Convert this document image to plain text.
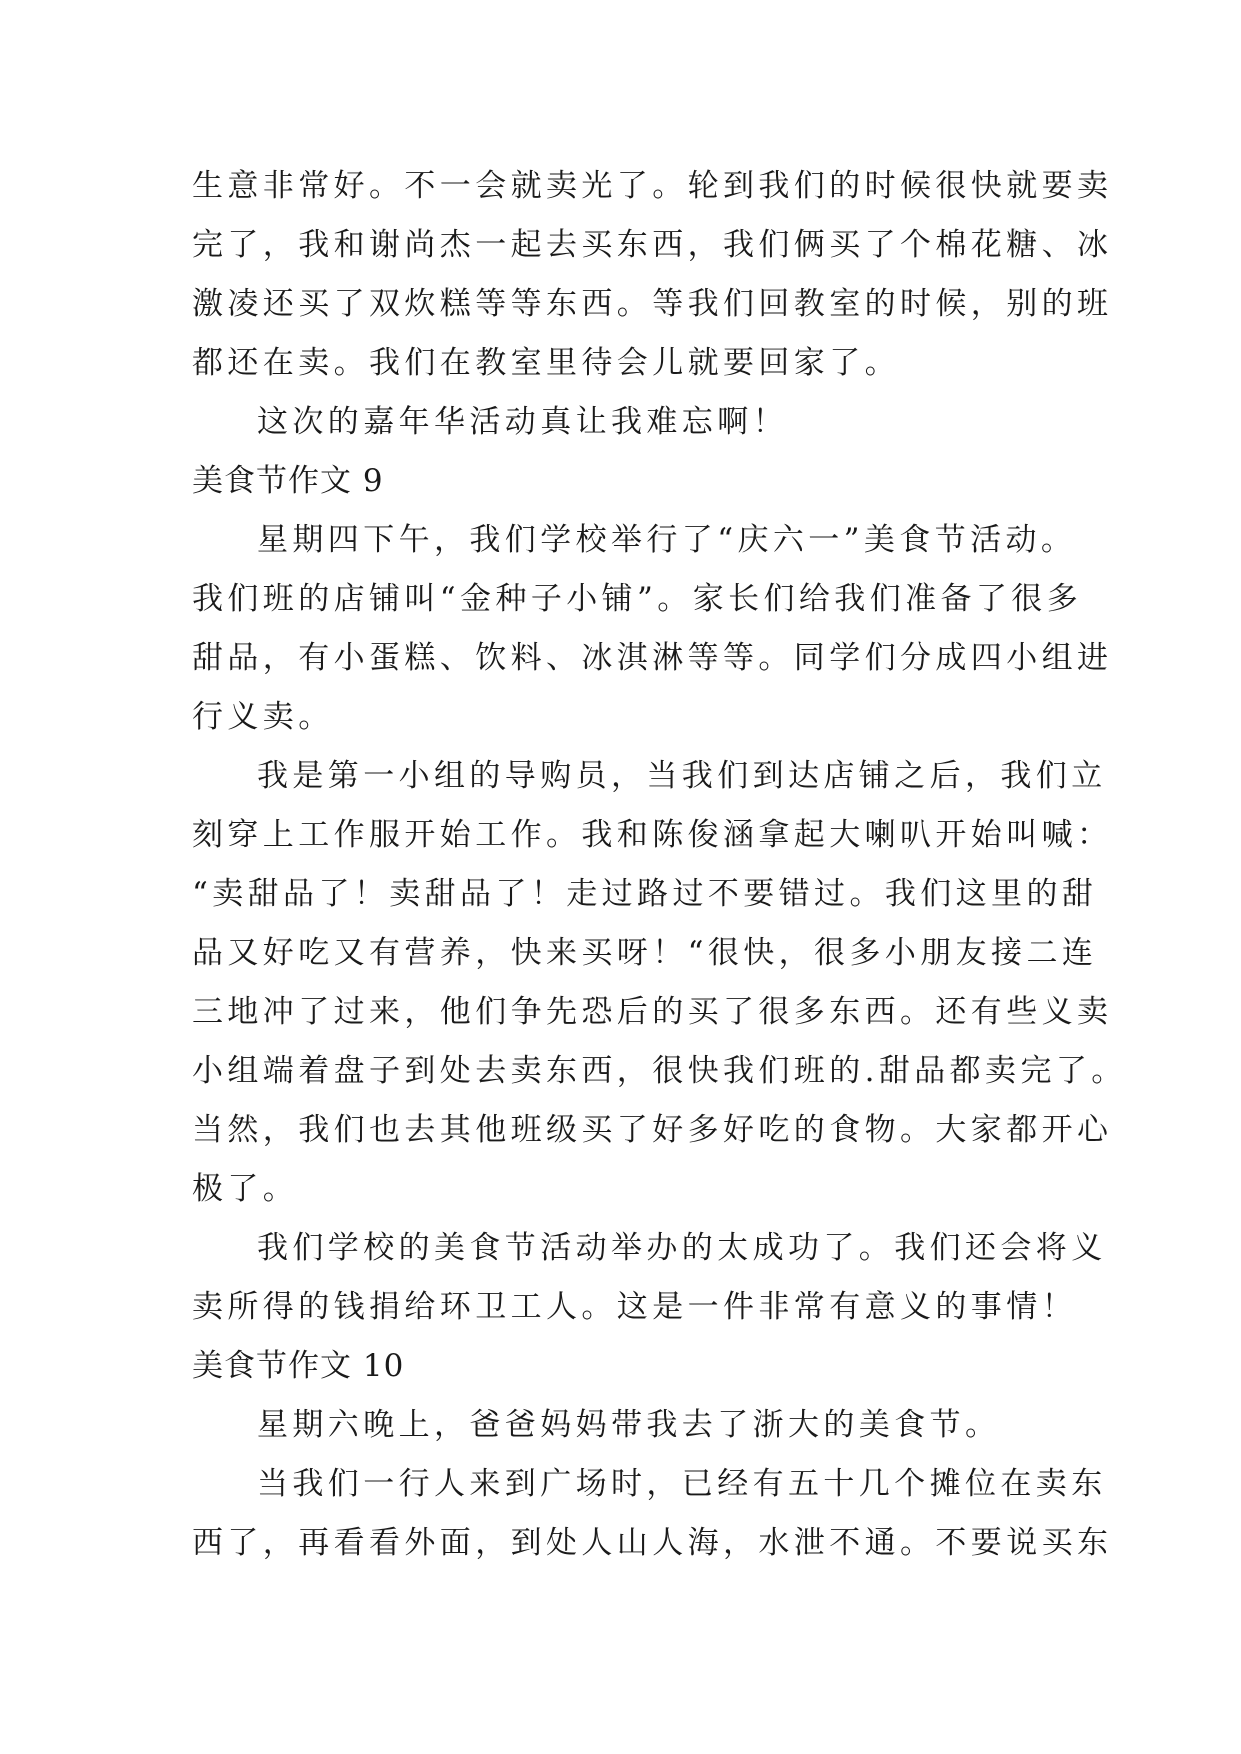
生意非常好。不一会就卖光了。轮到我们的时候很快就要卖
完了，我和谢尚杰一起去买东西，我们俩买了个棉花糖、冰
激凌还买了双炊糕等等东西。等我们回教室的时候，别的班
都还在卖。我们在教室里待会儿就要回家了。
这次的嘉年华活动真让我难忘啊！
美食节作文 9
星期四下午，我们学校举行了“庆六一”美食节活动。
我们班的店铺叫“金种子小铺”。家长们给我们准备了很多
甜品，有小蛋糕、饮料、冰淇淋等等。同学们分成四小组进
行义卖。
我是第一小组的导购员，当我们到达店铺之后，我们立
刻穿上工作服开始工作。我和陈俊涵拿起大喇叭开始叫喊：
“卖甜品了！卖甜品了！走过路过不要错过。我们这里的甜
品又好吃又有营养，快来买呀！“很快，很多小朋友接二连
三地冲了过来，他们争先恐后的买了很多东西。还有些义卖
小组端着盘子到处去卖东西，很快我们班的.甜品都卖完了。
当然，我们也去其他班级买了好多好吃的食物。大家都开心
极了。
我们学校的美食节活动举办的太成功了。我们还会将义
卖所得的钱捐给环卫工人。这是一件非常有意义的事情！
美食节作文 10
星期六晚上，爸爸妈妈带我去了浙大的美食节。
当我们一行人来到广场时，已经有五十几个摊位在卖东
西了，再看看外面，到处人山人海，水泄不通。不要说买东
